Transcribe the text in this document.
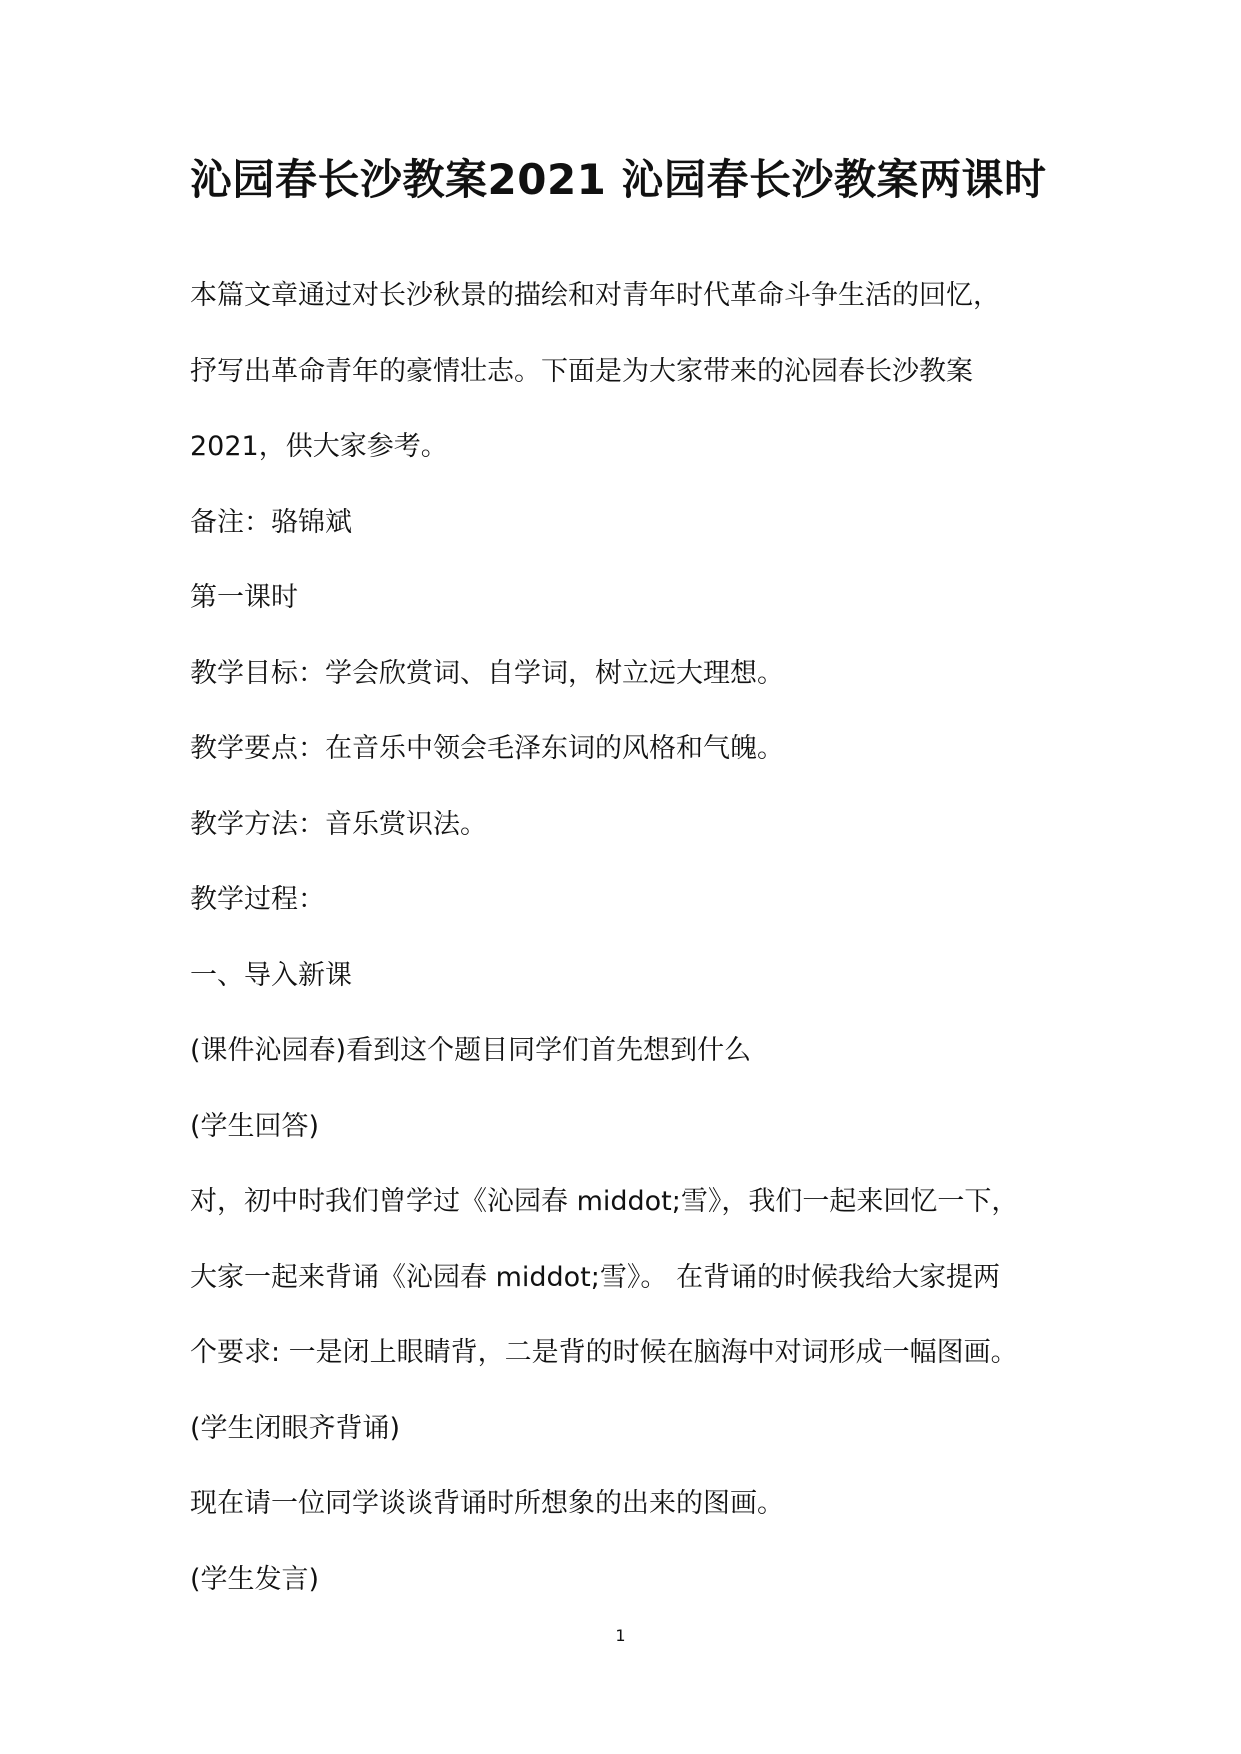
沁园春长沙教案2021 沁园春长沙教案两课时
本篇文章通过对长沙秋景的描绘和对青年时代革命斗争生活的回忆，
抒写出革命青年的豪情壮志。下面是为大家带来的沁园春长沙教案
2021，供大家参考。
备注：骆锦斌
第一课时
教学目标：学会欣赏词、自学词，树立远大理想。
教学要点：在音乐中领会毛泽东词的风格和气魄。
教学方法：音乐赏识法。
教学过程：
一、导入新课
(课件沁园春)看到这个题目同学们首先想到什么
(学生回答)
对，初中时我们曾学过《沁园春 middot;雪》，我们一起来回忆一下，
大家一起来背诵《沁园春 middot;雪》。 在背诵的时候我给大家提两
个要求: 一是闭上眼睛背，二是背的时候在脑海中对词形成一幅图画。
(学生闭眼齐背诵)
现在请一位同学谈谈背诵时所想象的出来的图画。
(学生发言)
1
